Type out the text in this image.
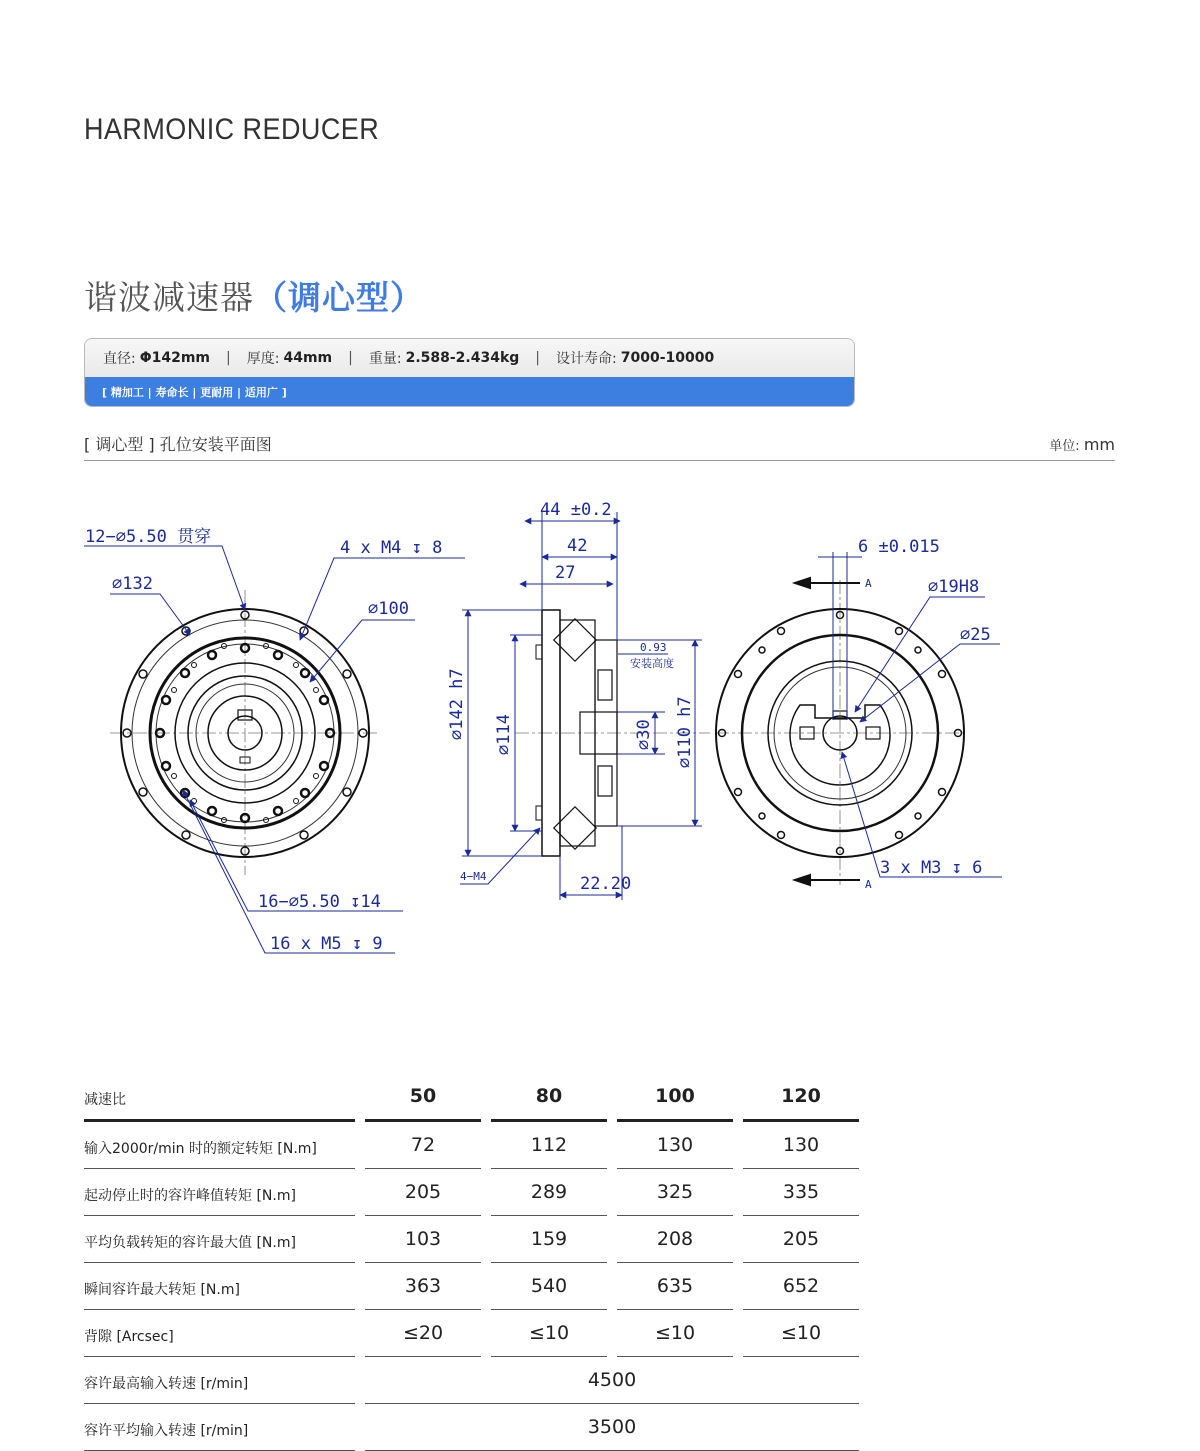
HARMONIC REDUCER
谐波减速器（调心型）
直径: Φ142mm | 厚度: 44mm | 重量: 2.588-2.434kg | 设计寿命: 7000-10000
[ 精加工 | 寿命长 | 更耐用 | 适用广 ]
[ 调心型 ] 孔位安装平面图	单位: mm
12−∅5.50 贯穿
∅132
4 x M4 ↧ 8
∅100
16−∅5.50 ↧14
16 x M5 ↧ 9
44 ±0.2
42
27
∅142 h7 ∅114	∅30 ∅110 h7
0.93
安装高度
4−M4	22.20
6 ±0.015
A
A
∅19H8
∅25
3 x M3 ↧ 6
减速比		50		80		100		120
输入2000r/min 时的额定转矩 [N.m]		72		112		130		130
起动停止时的容许峰值转矩 [N.m]		205		289		325		335
平均负载转矩的容许最大值 [N.m]		103		159		208		205
瞬间容许最大转矩 [N.m]		363		540		635		652
背隙 [Arcsec]		≤20		≤10		≤10		≤10
容许最高输入转速 [r/min]		4500						
容许平均输入转速 [r/min]		3500						
